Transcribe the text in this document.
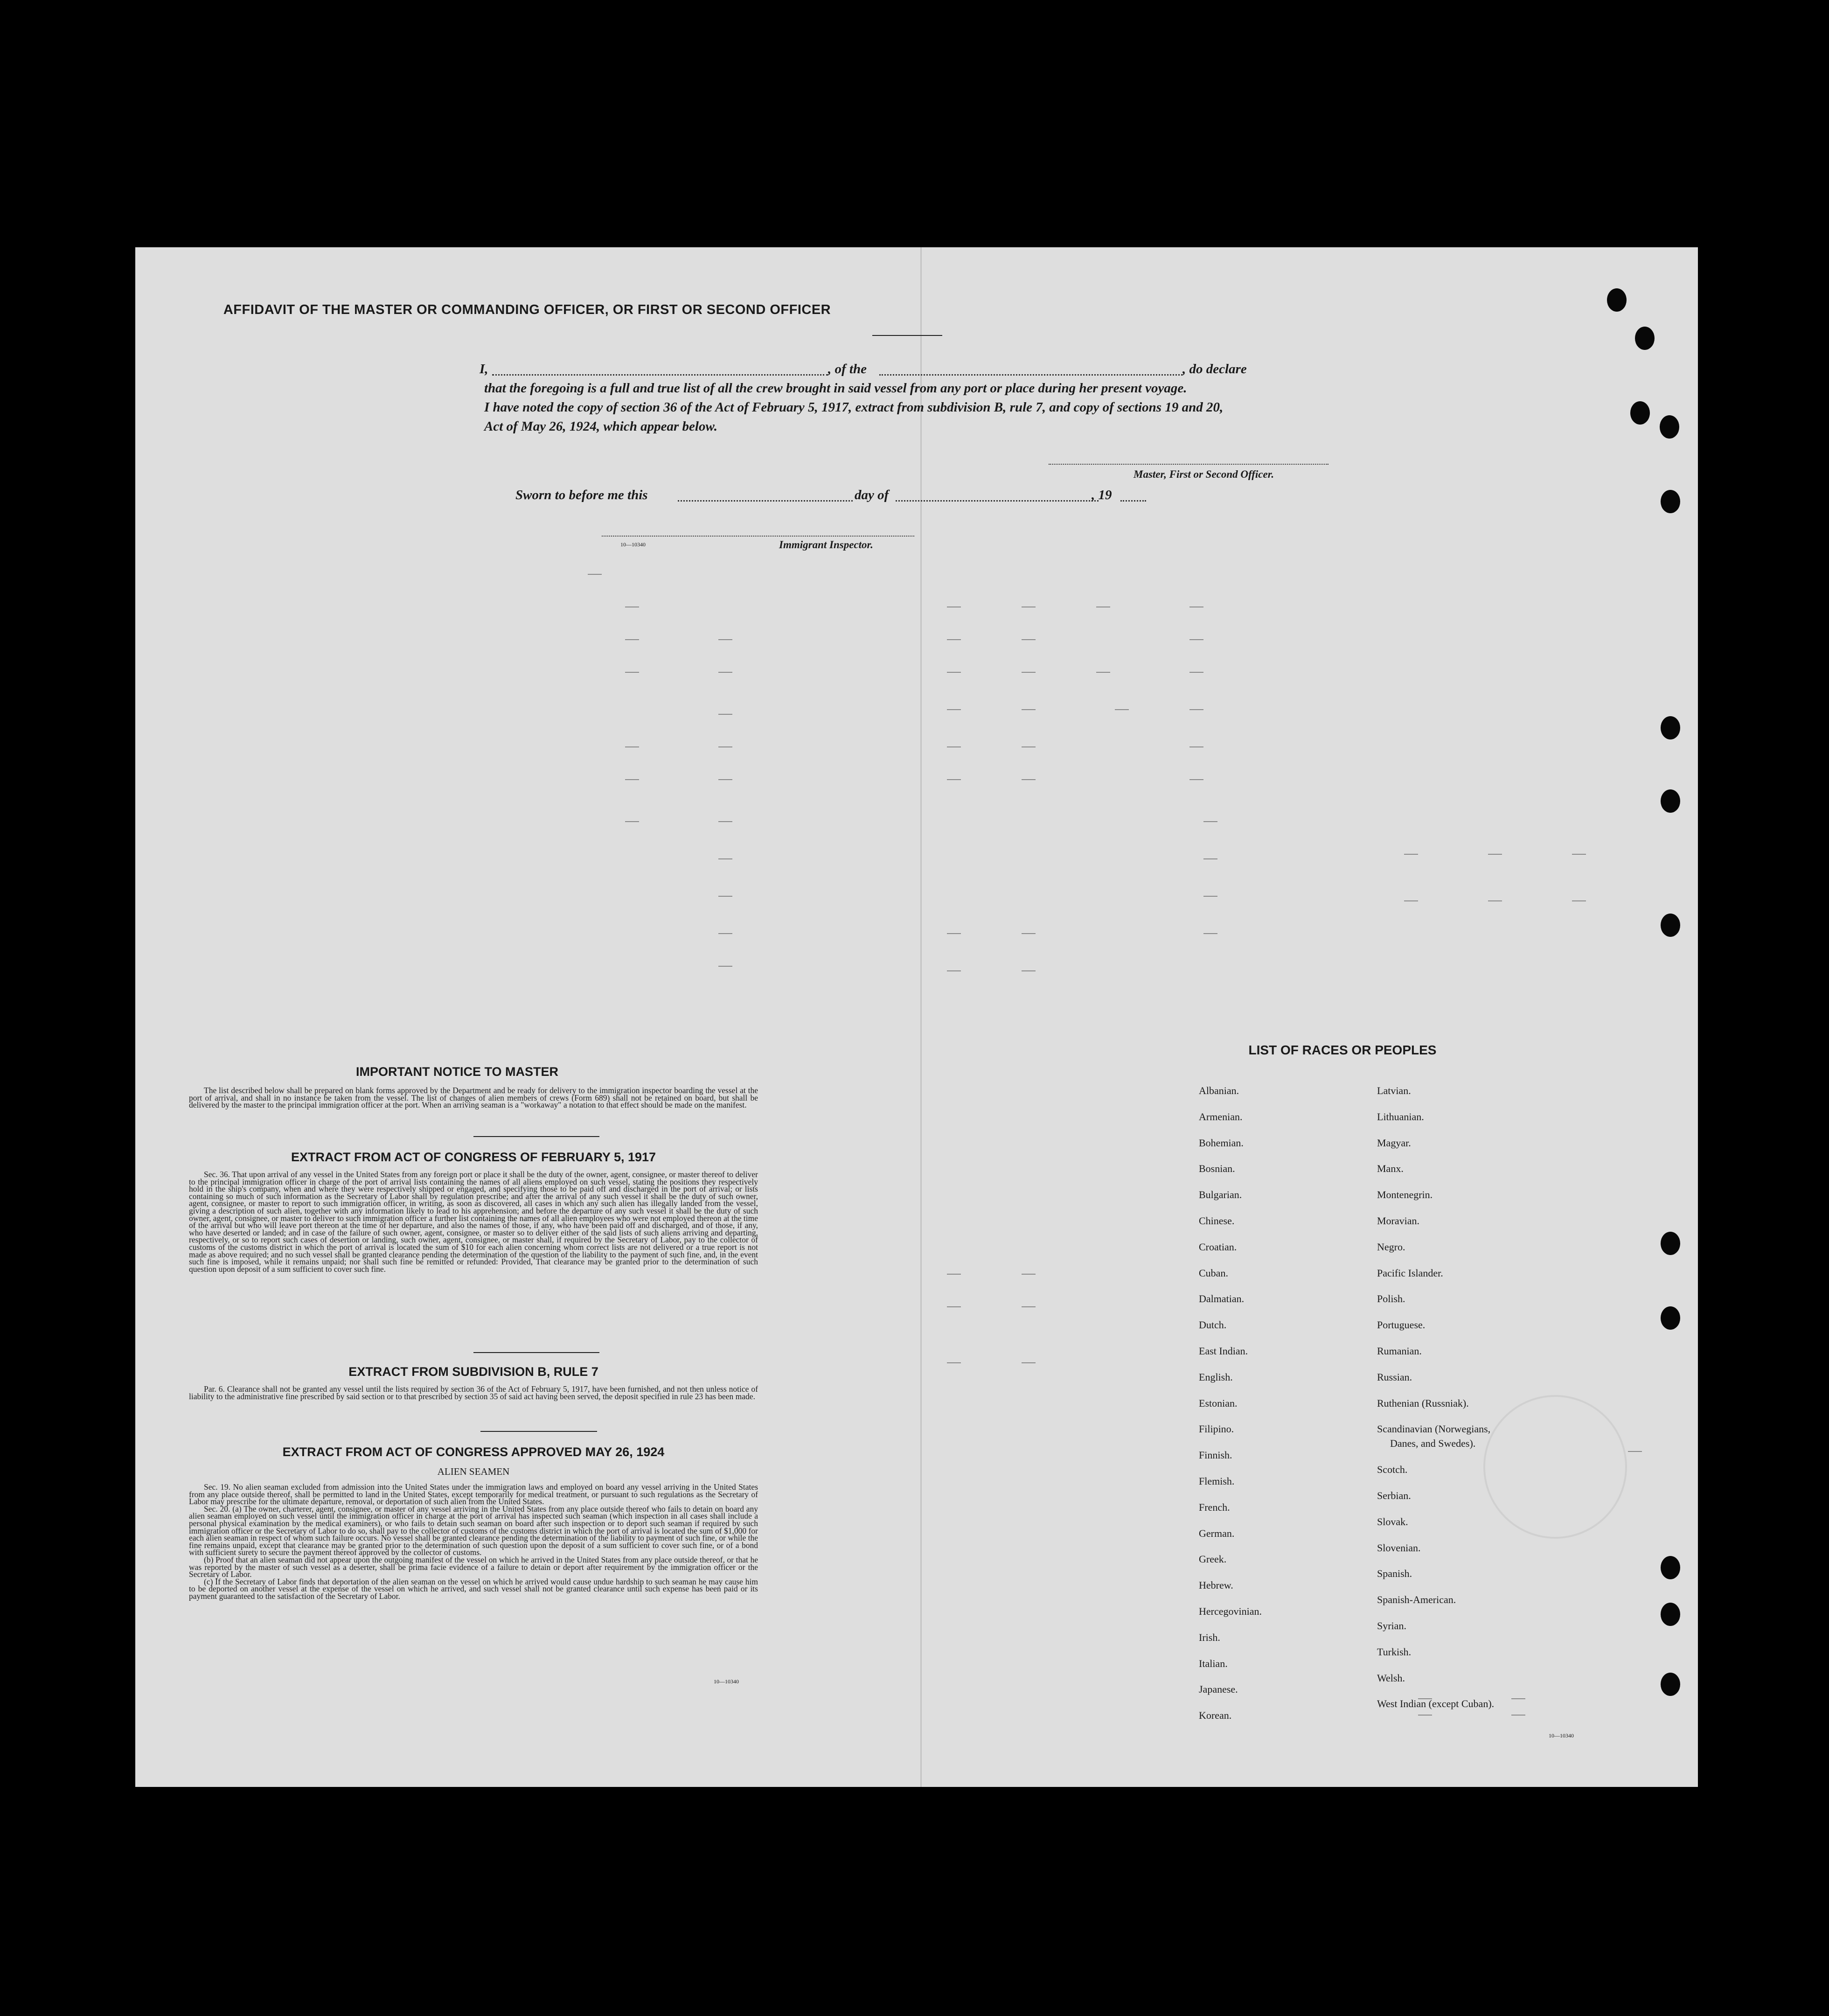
AFFIDAVIT OF THE MASTER OR COMMANDING OFFICER, OR FIRST OR SECOND OFFICER
I,	, of the	, do declare
that the foregoing is a full and true list of all the crew brought in said vessel from any port or place during her present voyage.
I have noted the copy of section 36 of the Act of February 5, 1917, extract from subdivision B, rule 7, and copy of sections 19 and 20,
Act of May 26, 1924, which appear below.
Master, First or Second Officer.
Sworn to before me this	day of	, 19
10—10340	Immigrant Inspector.
IMPORTANT NOTICE TO MASTER

The list described below shall be prepared on blank forms approved by the Department and be ready for delivery to the immigration inspector boarding the vessel at the port of arrival, and shall in no instance be taken from the vessel. The list of changes of alien members of crews (Form 689) shall not be retained on board, but shall be delivered by the master to the principal immigration officer at the port. When an arriving seaman is a "workaway" a notation to that effect should be made on the manifest.

EXTRACT FROM ACT OF CONGRESS OF FEBRUARY 5, 1917

Sec. 36. That upon arrival of any vessel in the United States from any foreign port or place it shall be the duty of the owner, agent, consignee, or master thereof to deliver to the principal immigration officer in charge of the port of arrival lists containing the names of all aliens employed on such vessel, stating the positions they respectively hold in the ship's company, when and where they were respectively shipped or engaged, and specifying those to be paid off and discharged in the port of arrival; or lists containing so much of such information as the Secretary of Labor shall by regulation prescribe; and after the arrival of any such vessel it shall be the duty of such owner, agent, consignee, or master to report to such immigration officer, in writing, as soon as discovered, all cases in which any such alien has illegally landed from the vessel, giving a description of such alien, together with any information likely to lead to his apprehension; and before the departure of any such vessel it shall be the duty of such owner, agent, consignee, or master to deliver to such immigration officer a further list containing the names of all alien employees who were not employed thereon at the time of the arrival but who will leave port thereon at the time of her departure, and also the names of those, if any, who have been paid off and discharged, and of those, if any, who have deserted or landed; and in case of the failure of such owner, agent, consignee, or master so to deliver either of the said lists of such aliens arriving and departing, respectively, or so to report such cases of desertion or landing, such owner, agent, consignee, or master shall, if required by the Secretary of Labor, pay to the collector of customs of the customs district in which the port of arrival is located the sum of $10 for each alien concerning whom correct lists are not delivered or a true report is not made as above required; and no such vessel shall be granted clearance pending the determination of the question of the liability to the payment of such fine, and, in the event such fine is imposed, while it remains unpaid; nor shall such fine be remitted or refunded: Provided, That clearance may be granted prior to the determination of such question upon deposit of a sum sufficient to cover such fine.

EXTRACT FROM SUBDIVISION B, RULE 7

Par. 6. Clearance shall not be granted any vessel until the lists required by section 36 of the Act of February 5, 1917, have been furnished, and not then unless notice of liability to the administrative fine prescribed by said section or to that prescribed by section 35 of said act having been served, the deposit specified in rule 23 has been made.

EXTRACT FROM ACT OF CONGRESS APPROVED MAY 26, 1924
ALIEN SEAMEN

Sec. 19. No alien seaman excluded from admission into the United States under the immigration laws and employed on board any vessel arriving in the United States from any place outside thereof, shall be permitted to land in the United States, except temporarily for medical treatment, or pursuant to such regulations as the Secretary of Labor may prescribe for the ultimate departure, removal, or deportation of such alien from the United States.

Sec. 20. (a) The owner, charterer, agent, consignee, or master of any vessel arriving in the United States from any place outside thereof who fails to detain on board any alien seaman employed on such vessel until the immigration officer in charge at the port of arrival has inspected such seaman (which inspection in all cases shall include a personal physical examination by the medical examiners), or who fails to detain such seaman on board after such inspection or to deport such seaman if required by such immigration officer or the Secretary of Labor to do so, shall pay to the collector of customs of the customs district in which the port of arrival is located the sum of $1,000 for each alien seaman in respect of whom such failure occurs. No vessel shall be granted clearance pending the determination of the liability to payment of such fine, or while the fine remains unpaid, except that clearance may be granted prior to the determination of such question upon the deposit of a sum sufficient to cover such fine, or of a bond with sufficient surety to secure the payment thereof approved by the collector of customs.

(b) Proof that an alien seaman did not appear upon the outgoing manifest of the vessel on which he arrived in the United States from any place outside thereof, or that he was reported by the master of such vessel as a deserter, shall be prima facie evidence of a failure to detain or deport after requirement by the immigration officer or the Secretary of Labor.

(c) If the Secretary of Labor finds that deportation of the alien seaman on the vessel on which he arrived would cause undue hardship to such seaman he may cause him to be deported on another vessel at the expense of the vessel on which he arrived, and such vessel shall not be granted clearance until such expense has been paid or its payment guaranteed to the satisfaction of the Secretary of Labor.

10—10340
LIST OF RACES OR PEOPLES
Albanian.
Armenian.
Bohemian.
Bosnian.
Bulgarian.
Chinese.
Croatian.
Cuban.
Dalmatian.
Dutch.
East Indian.
English.
Estonian.
Filipino.
Finnish.
Flemish.
French.
German.
Greek.
Hebrew.
Hercegovinian.
Irish.
Italian.
Japanese.
Korean.
Latvian.
Lithuanian.
Magyar.
Manx.
Montenegrin.
Moravian.
Negro.
Pacific Islander.
Polish.
Portuguese.
Rumanian.
Russian.
Ruthenian (Russniak).
Scandinavian (Norwegians,
Danes, and Swedes).
Scotch.
Serbian.
Slovak.
Slovenian.
Spanish.
Spanish-American.
Syrian.
Turkish.
Welsh.
West Indian (except Cuban).
10—10340
